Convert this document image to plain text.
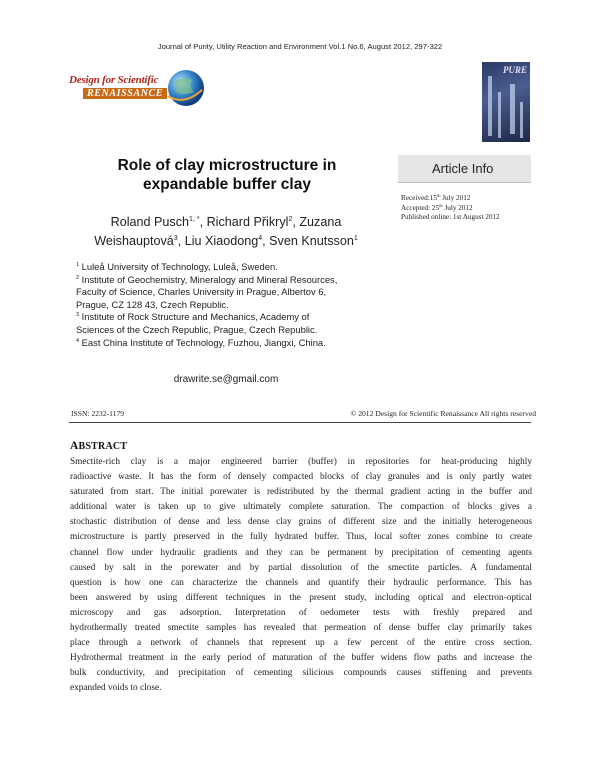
Journal of Purity, Utility Reaction and Environment Vol.1 No.6, August 2012, 297-322
Design for Scientific
RENAISSANCE
PURE
Role of clay microstructure in
expandable buffer clay
Roland Pusch$^{1, *}$, Richard Přikryl$^2$, Zuzana
Weishauptová$^3$, Liu Xiaodong$^4$, Sven Knutsson$^1$
$^1$ Luleå University of Technology, Luleå, Sweden.
$^2$ Institute of Geochemistry, Mineralogy and Mineral Resources,
Faculty of Science, Charles University in Prague, Albertov 6,
Prague, CZ 128 43, Czech Republic.
$^3$ Institute of Rock Structure and Mechanics, Academy of
Sciences of the Czech Republic, Prague, Czech Republic.
$^4$ East China Institute of Technology, Fuzhou, Jiangxi, China.
drawrite.se@gmail.com
Article Info
Received:15th July 2012
Accepted: 25th July 2012
Published online: 1st August 2012
ISSN: 2232-1179	© 2012 Design for Scientific Renaissance All rights reserved
ABSTRACT
Smectite-rich clay is a major engineered barrier (buffer) in repositories for heat-producing highly
radioactive waste. It has the form of densely compacted blocks of clay granules and is only partly water
saturated from start. The initial porewater is redistributed by the thermal gradient acting in the buffer and
additional water is taken up to give ultimately complete saturation. The compaction of blocks gives a
stochastic distribution of dense and less dense clay grains of different size and the initially heterogeneous
microstructure is partly preserved in the fully hydrated buffer. Thus, local softer zones combine to create
channel flow under hydraulic gradients and they can be permanent by precipitation of cementing agents
caused by salt in the porewater and by partial dissolution of the smectite particles. A fundamental
question is how one can characterize the channels and quantify their hydraulic performance. This has
been answered by using different techniques in the present study, including optical and electron-optical
microscopy and gas adsorption. Interpretation of oedometer tests with freshly prepared and
hydrothermally treated smectite samples has revealed that permeation of dense buffer clay primarily takes
place through a network of channels that represent up a few percent of the entire cross section.
Hydrothermal treatment in the early period of maturation of the buffer widens flow paths and increase the
bulk conductivity, and precipitation of cementing silicious compounds causes stiffening and prevents
expanded voids to close.
